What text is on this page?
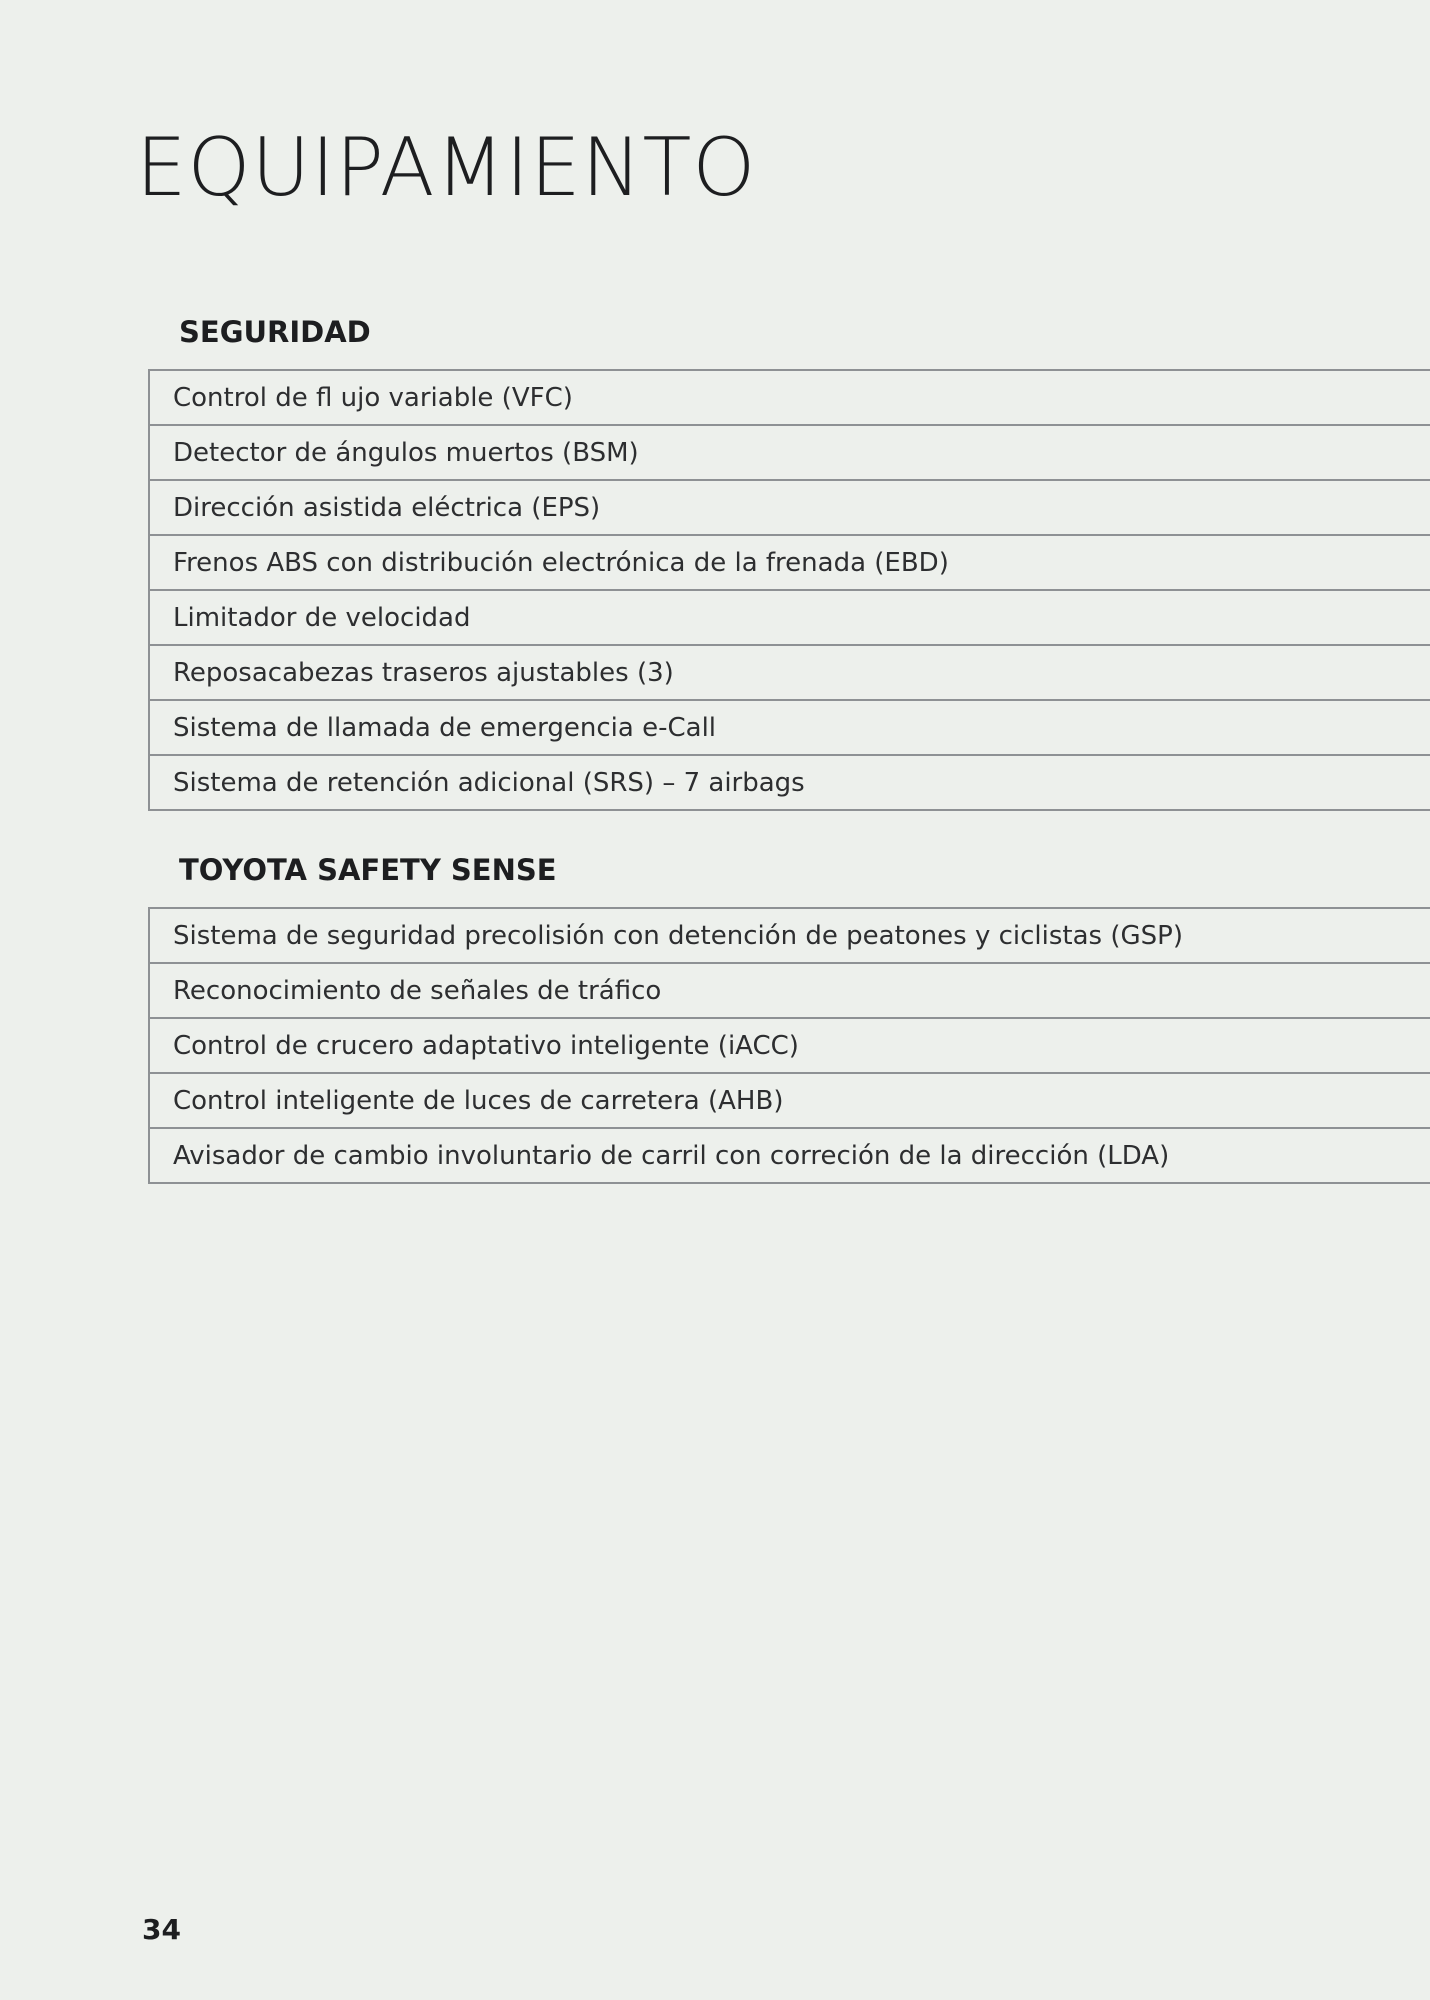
EQUIPAMIENTO
SEGURIDAD
Control de fl ujo variable (VFC)
Detector de ángulos muertos (BSM)
Dirección asistida eléctrica (EPS)
Frenos ABS con distribución electrónica de la frenada (EBD)
Limitador de velocidad
Reposacabezas traseros ajustables (3)
Sistema de llamada de emergencia e-Call
Sistema de retención adicional (SRS) – 7 airbags
TOYOTA SAFETY SENSE
Sistema de seguridad precolisión con detención de peatones y ciclistas (GSP)
Reconocimiento de señales de tráfico
Control de crucero adaptativo inteligente (iACC)
Control inteligente de luces de carretera (AHB)
Avisador de cambio involuntario de carril con correción de la dirección (LDA)

34
